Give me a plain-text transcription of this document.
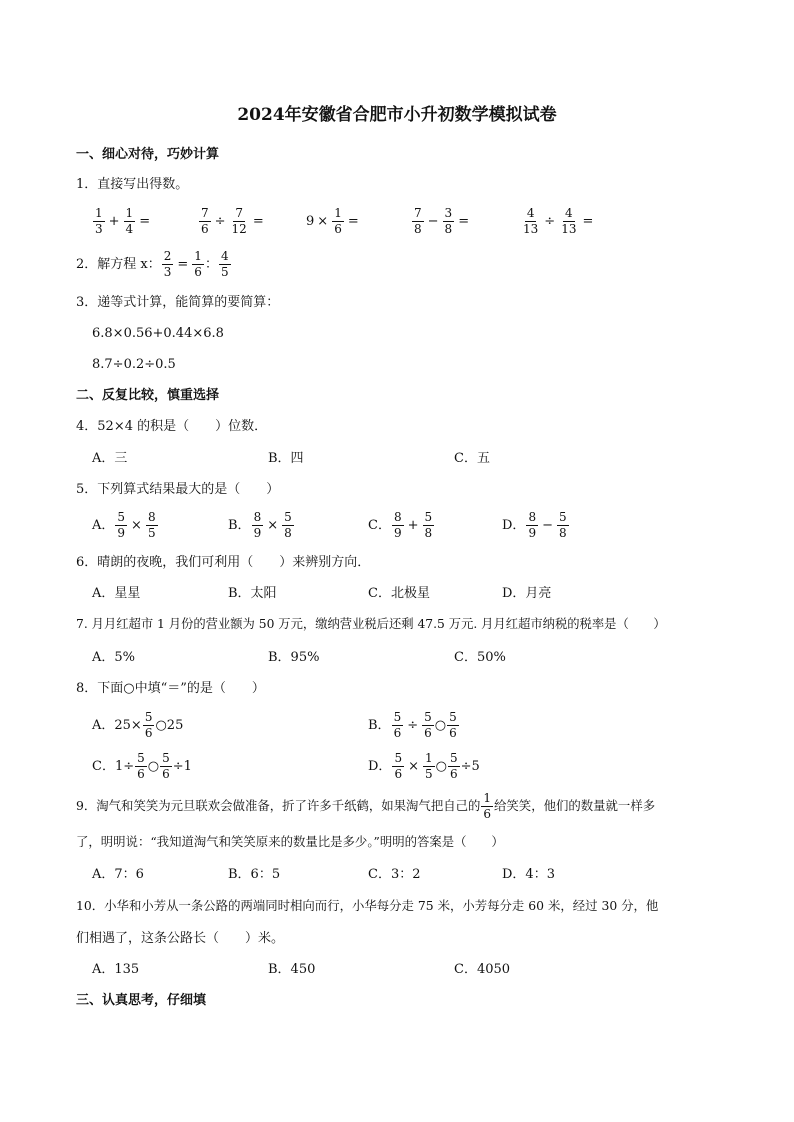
2024年安徽省合肥市小升初数学模拟试卷
一、细心对待，巧妙计算
1．直接写出得数。
$\frac{1}{3} + \frac{1}{4}$ =	$\frac{7}{6} \div \frac{7}{12}$ =	$9 \times \frac{1}{6}$ =	$\frac{7}{8} - \frac{3}{8}$ =	$\frac{4}{13} \div \frac{4}{13}$ =
2．解方程 x： $\frac{2}{3} = \frac{1}{6}$ ： $\frac{4}{5}$
3．递等式计算，能简算的要简算：
6.8×0.56+0.44×6.8
8.7÷0.2÷0.5
二、反复比较，慎重选择
4．52×4 的积是（　　）位数．
A．三	B．四	C．五
5．下列算式结果最大的是（　　）
A． $\frac{5}{9} \times \frac{8}{5}$	B． $\frac{8}{9} \times \frac{5}{8}$	C． $\frac{8}{9} + \frac{5}{8}$	D． $\frac{8}{9} - \frac{5}{8}$
6．晴朗的夜晚，我们可利用（　　）来辨别方向．
A．星星	B．太阳	C．北极星	D．月亮
7. 月月红超市 1 月份的营业额为 50 万元，缴纳营业税后还剩 47.5 万元. 月月红超市纳税的税率是（　　）
A．5%	B．95%	C．50%
8．下面○中填“＝”的是（　　）
A．$25\times \frac{5}{6}$ ○25	B． $\frac{5}{6} \div \frac{5}{6}$ ○ $\frac{5}{6}$
C．$1\div \frac{5}{6}$ ○ $\frac{5}{6} \div 1$	D． $\frac{5}{6} \times \frac{1}{5}$ ○ $\frac{5}{6} \div 5$
9．淘气和笑笑为元旦联欢会做准备，折了许多千纸鹤，如果淘气把自己的 $\frac{1}{6}$ 给笑笑，他们的数量就一样多
了，明明说：“我知道淘气和笑笑原来的数量比是多少。”明明的答案是（　　）
A．7：6	B．6：5	C．3：2	D．4：3
10．小华和小芳从一条公路的两端同时相向而行，小华每分走 75 米，小芳每分走 60 米，经过 30 分，他
们相遇了，这条公路长（　　）米。
A．135	B．450	C．4050
三、认真思考，仔细填
